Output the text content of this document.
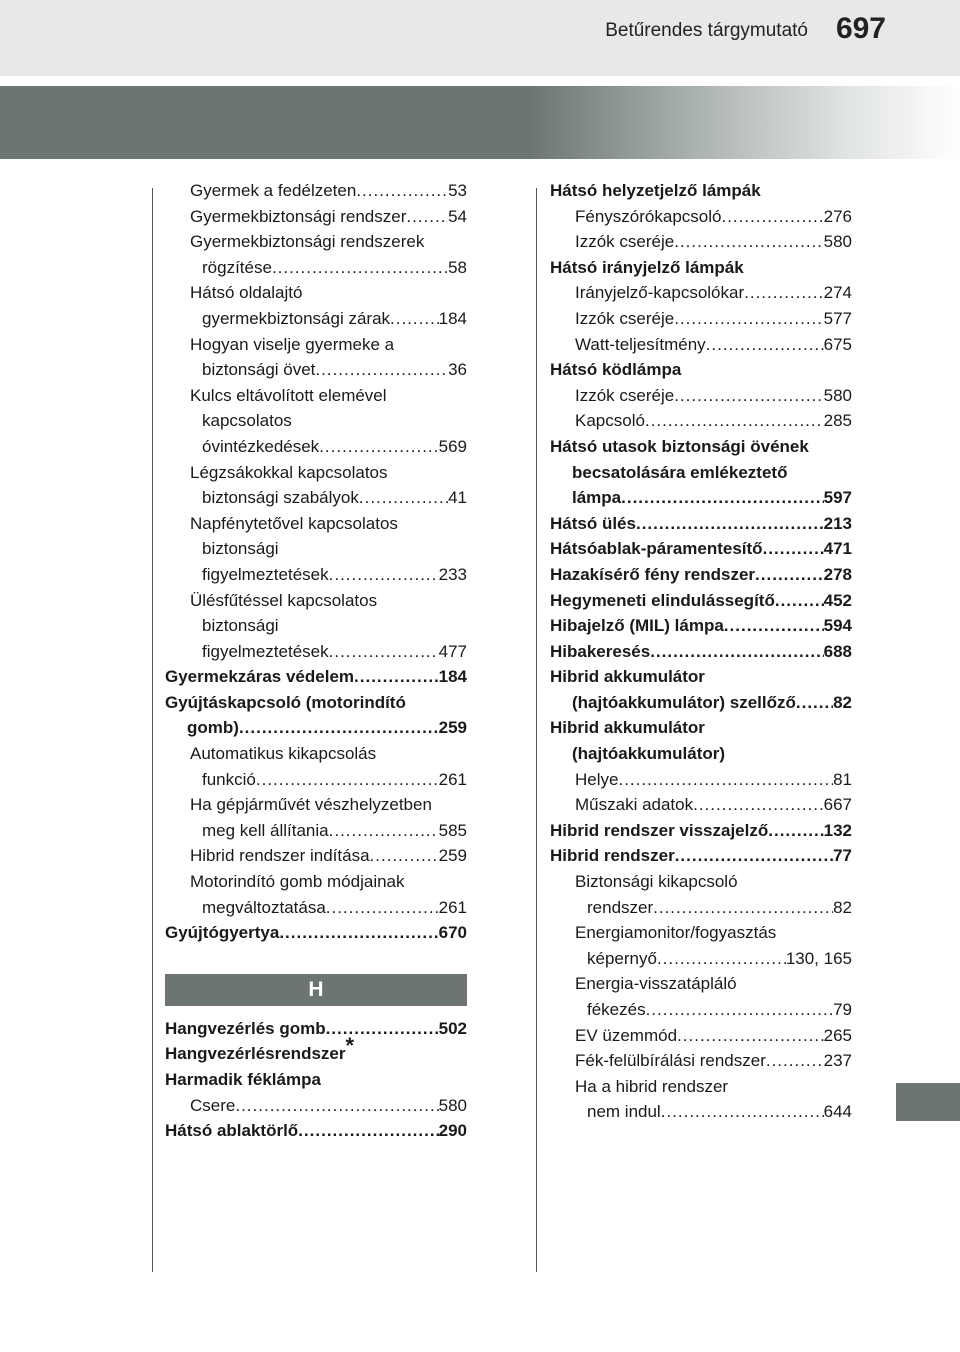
Betűrendes tárgymutató 697
Gyermek a fedélzeten .....	53
Gyermekbiztonsági rendszer ..... 54
Gyermekbiztonsági rendszerek
rögzítése .....	58
Hátsó oldalajtó
gyermekbiztonsági zárak .....	184
Hogyan viselje gyermeke a
biztonsági övet .....	36
Kulcs eltávolított elemével
kapcsolatos
óvintézkedések .....	569
Légzsákokkal kapcsolatos
biztonsági szabályok .....	41
Napfénytetővel kapcsolatos
biztonsági
figyelmeztetések .....	233
Ülésfűtéssel kapcsolatos
biztonsági
figyelmeztetések .....	477
Gyermekzáras védelem .....	184
Gyújtáskapcsoló (motorindító
gomb) .....	259
Automatikus kikapcsolás
funkció .....	261
Ha gépjárművét vészhelyzetben
meg kell állítania .....	585
Hibrid rendszer indítása .....	259
Motorindító gomb módjainak
megváltoztatása .....	261
Gyújtógyertya .....	670
H
Hangvezérlés gomb .....	502
Hangvezérlésrendszer*
Harmadik féklámpa
Csere .....	580
Hátsó ablaktörlő .....	290
Hátsó helyzetjelző lámpák
Fényszórókapcsoló .....	276
Izzók cseréje .....	580
Hátsó irányjelző lámpák
Irányjelző-kapcsolókar .....	274
Izzók cseréje .....	577
Watt-teljesítmény .....	675
Hátsó ködlámpa
Izzók cseréje .....	580
Kapcsoló .....	285
Hátsó utasok biztonsági övének
becsatolására emlékeztető
lámpa .....	597
Hátsó ülés .....	213
Hátsóablak-páramentesítő .....	471
Hazakísérő fény rendszer .....	278
Hegymeneti elindulássegítő .....	452
Hibajelző (MIL) lámpa .....	594
Hibakeresés .....	688
Hibrid akkumulátor
(hajtóakkumulátor) szellőző ..... 82
Hibrid akkumulátor
(hajtóakkumulátor)
Helye .....	81
Műszaki adatok .....	667
Hibrid rendszer visszajelző .....	132
Hibrid rendszer .....	77
Biztonsági kikapcsoló
rendszer .....	82
Energiamonitor/fogyasztás
képernyő .....	130, 165
Energia-visszatápláló
fékezés .....	79
EV üzemmód .....	265
Fék-felülbírálási rendszer .....	237
Ha a hibrid rendszer
nem indul .....	644
